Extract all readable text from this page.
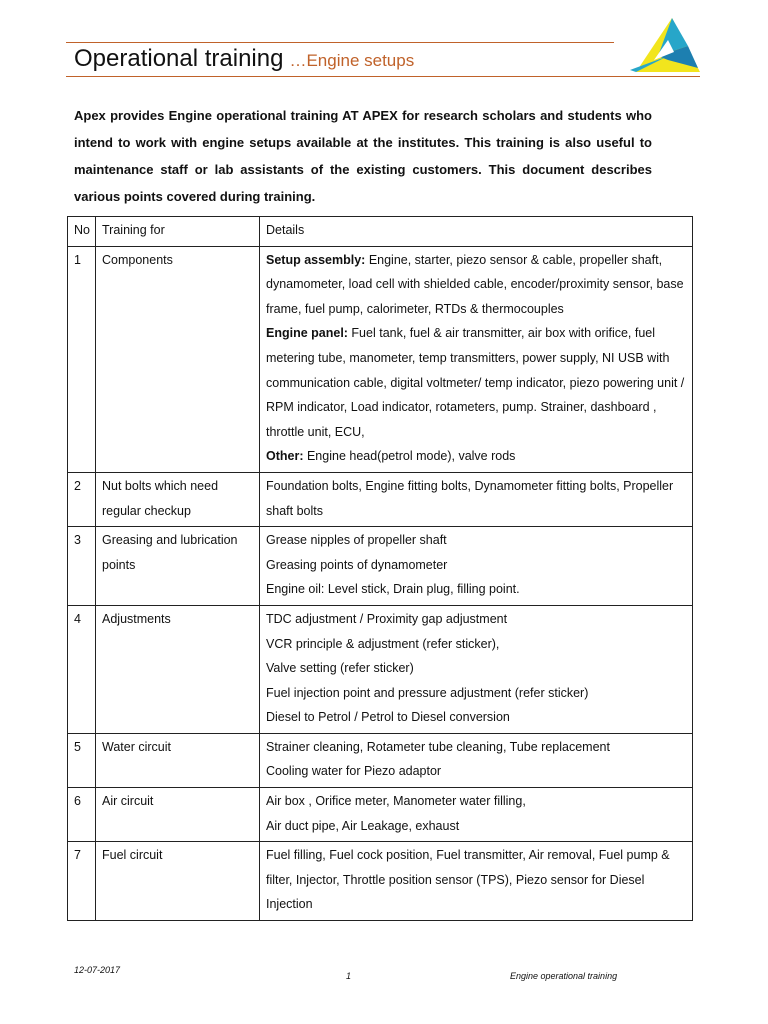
Operational training …Engine setups
Apex provides Engine operational training AT APEX for research scholars and students who intend to work with engine setups available at the institutes. This training is also useful to maintenance staff or lab assistants of the existing customers. This document describes various points covered during training.
No	Training for	Details
1	Components	Setup assembly: Engine, starter, piezo sensor & cable, propeller shaft, dynamometer, load cell with shielded cable, encoder/proximity sensor, base frame, fuel pump, calorimeter, RTDs & thermocouples
Engine panel: Fuel tank, fuel & air transmitter, air box with orifice, fuel metering tube, manometer, temp transmitters, power supply, NI USB with communication cable, digital voltmeter/ temp indicator, piezo powering unit / RPM indicator, Load indicator, rotameters, pump. Strainer, dashboard , throttle unit, ECU,
Other: Engine head(petrol mode), valve rods

2	Nut bolts which need regular checkup	Foundation bolts, Engine fitting bolts, Dynamometer fitting bolts, Propeller shaft bolts

3	Greasing and lubrication points	Grease nipples of propeller shaft
Greasing points of dynamometer
Engine oil: Level stick, Drain plug, filling point.

4	Adjustments	TDC adjustment / Proximity gap adjustment
VCR principle & adjustment (refer sticker),
Valve setting (refer sticker)
Fuel injection point and pressure adjustment (refer sticker)
Diesel to Petrol / Petrol to Diesel conversion

5	Water circuit	Strainer cleaning, Rotameter tube cleaning, Tube replacement
Cooling water for Piezo adaptor

6	Air circuit	Air box , Orifice meter, Manometer water filling,
Air duct pipe, Air Leakage, exhaust

7	Fuel circuit	Fuel filling, Fuel cock position, Fuel transmitter, Air removal, Fuel pump & filter, Injector, Throttle position sensor (TPS), Piezo sensor for Diesel Injection
12-07-2017
1	Engine operational training
